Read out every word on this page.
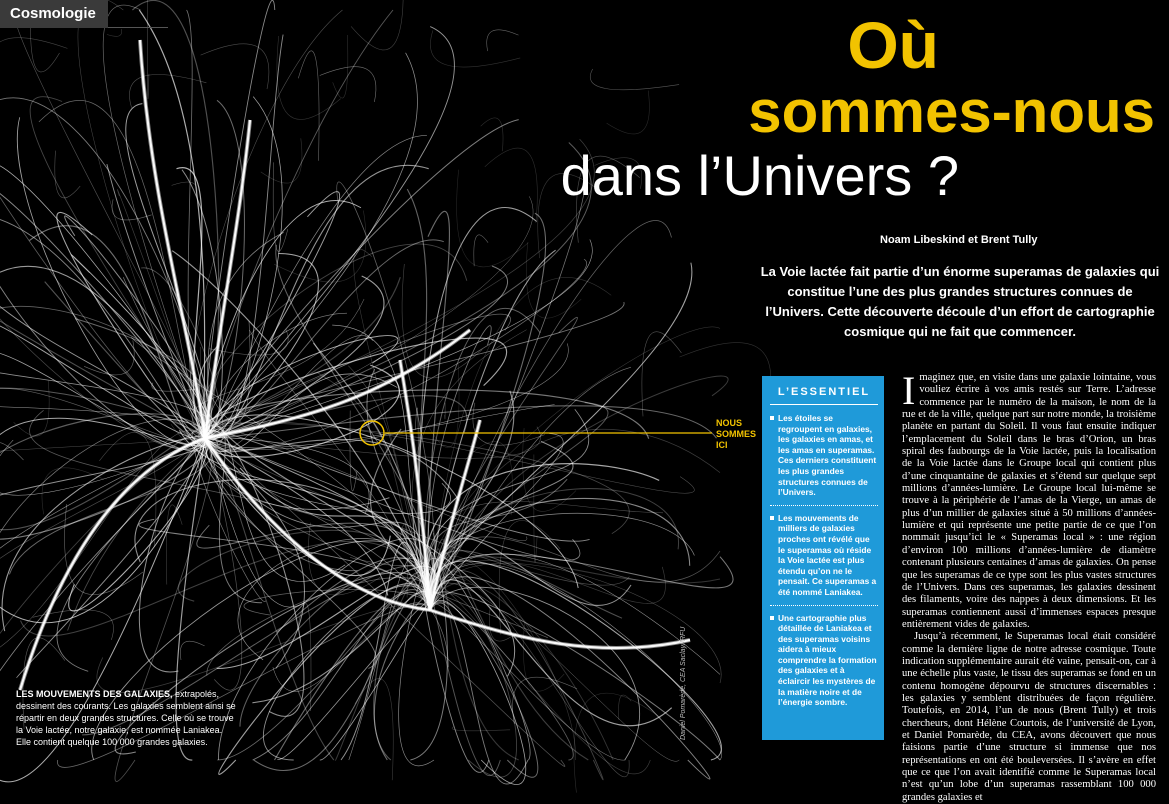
Cosmologie	Où
sommes-nous
dans l’Univers ?
Noam Libeskind et Brent Tully
La Voie lactée fait partie d’un énorme superamas de galaxies qui constitue l’une des plus grandes structures connues de l’Univers. Cette découverte découle d’un effort de cartographie cosmique qui ne fait que commencer.
NOUS
SOMMES
ICI
Daniel Pomarède, CEA Saclay/IRFU
LES MOUVEMENTS DES GALAXIES, extrapolés, dessinent des courants. Les galaxies semblent ainsi se répartir en deux grandes structures. Celle où se trouve la Voie lactée, notre galaxie, est nommée Laniakea. Elle contient quelque 100 000 grandes galaxies.
L’ESSENTIEL
Les étoiles se regroupent en galaxies, les galaxies en amas, et les amas en superamas. Ces derniers constituent les plus grandes structures connues de l’Univers.
Les mouvements de milliers de galaxies proches ont révélé que le superamas où réside la Voie lactée est plus étendu qu’on ne le pensait. Ce superamas a été nommé Laniakea.
Une cartographie plus détaillée de Laniakea et des superamas voisins aidera à mieux comprendre la formation des galaxies et à éclaircir les mystères de la matière noire et de l’énergie sombre.

Imaginez que, en visite dans une galaxie lointaine, vous vouliez écrire à vos amis restés sur Terre. L’adresse commence par le numéro de la maison, le nom de la rue et de la ville, quelque part sur notre monde, la troisième planète en partant du Soleil. Il vous faut ensuite indiquer l’emplacement du Soleil dans le bras d’Orion, un bras spiral des faubourgs de la Voie lactée, puis la localisation de la Voie lactée dans le Groupe local qui contient plus d’une cinquantaine de galaxies et s’étend sur quelque sept millions d’années-lumière. Le Groupe local lui-même se trouve à la périphérie de l’amas de la Vierge, un amas de plus d’un millier de galaxies situé à 50 millions d’années-lumière et qui représente une petite partie de ce que l’on nommait jusqu’ici le « Superamas local » : une région d’environ 100 millions d’années-lumière de diamètre contenant plusieurs centaines d’amas de galaxies. On pense que les superamas de ce type sont les plus vastes structures de l’Univers. Dans ces superamas, les galaxies dessinent des filaments, voire des nappes à deux dimensions. Et les superamas contiennent aussi d’immenses espaces presque entièrement vides de galaxies.

Jusqu’à récemment, le Superamas local était considéré comme la dernière ligne de notre adresse cosmique. Toute indication supplémentaire aurait été vaine, pensait-on, car à une échelle plus vaste, le tissu des superamas se fond en un contenu homogène dépourvu de structures discernables : les galaxies y semblent distribuées de façon régulière. Toutefois, en 2014, l’un de nous (Brent Tully) et trois chercheurs, dont Hélène Courtois, de l’université de Lyon, et Daniel Pomarède, du CEA, avons découvert que nous faisions partie d’une structure si immense que nos représentations en ont été bouleversées. Il s’avère en effet que ce que l’on avait identifié comme le Superamas local n’est qu’un lobe d’un superamas rassemblant 100 000 grandes galaxies et
